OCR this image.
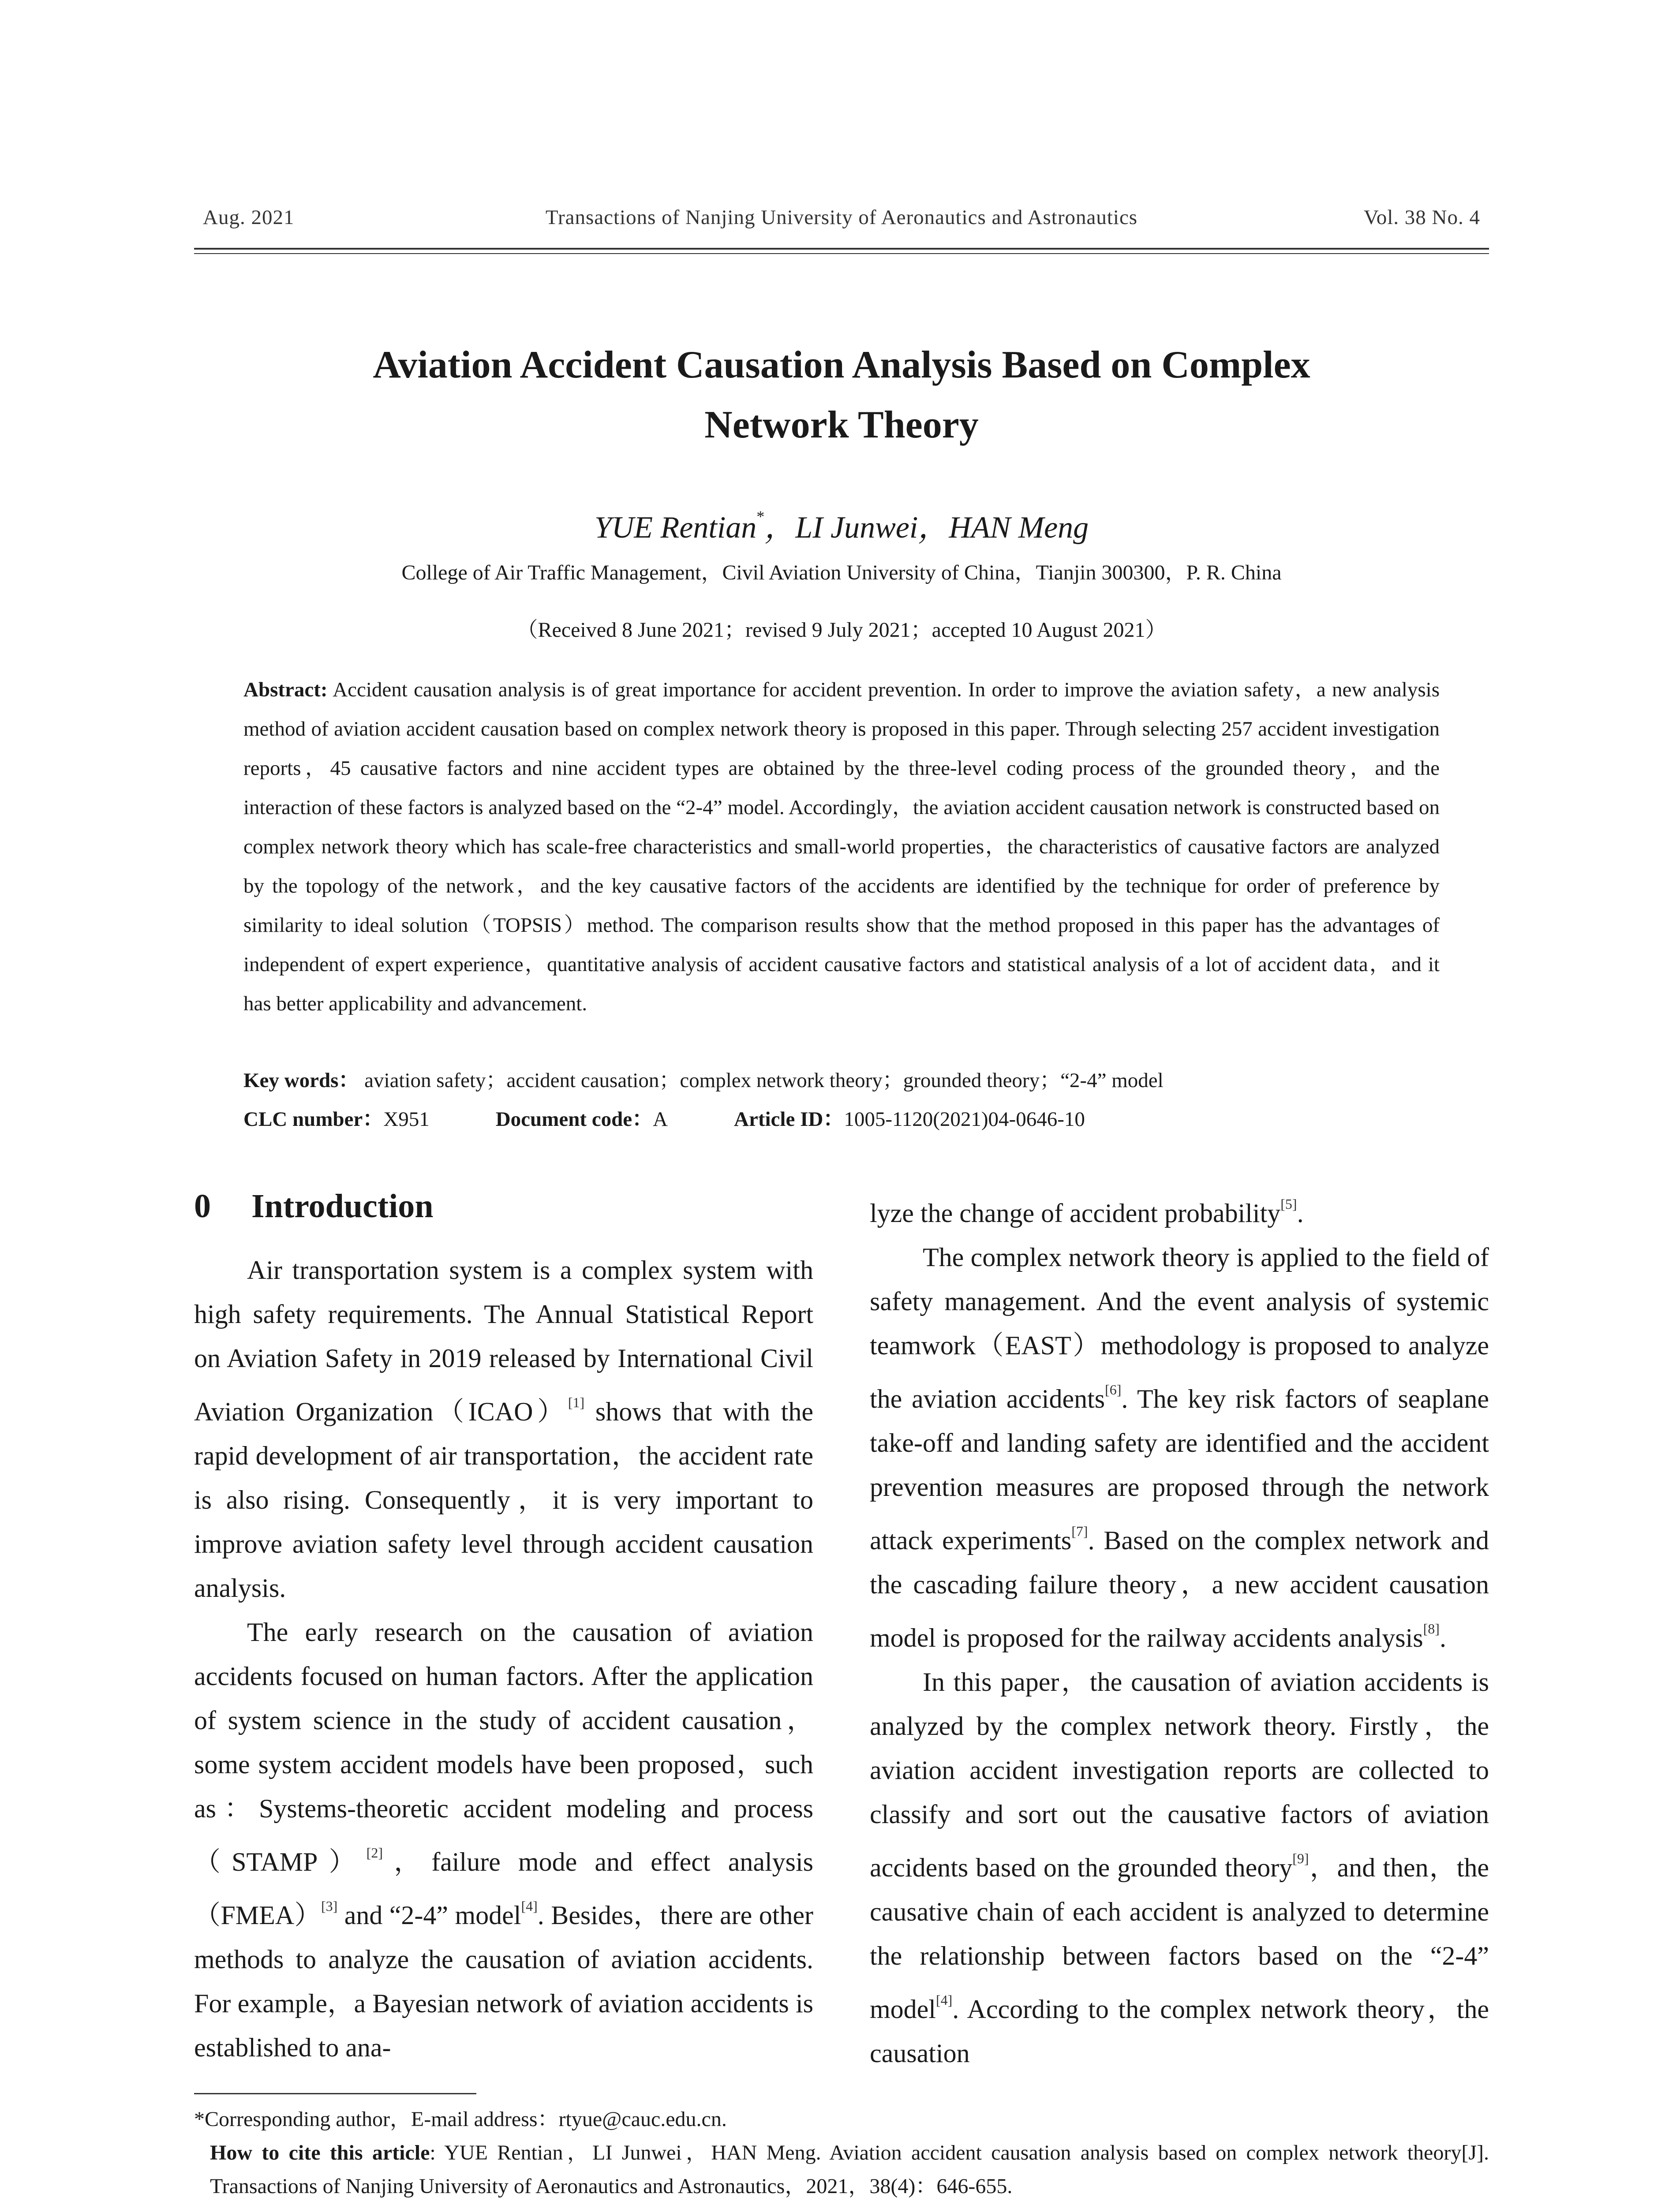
Aug. 2021	Transactions of Nanjing University of Aeronautics and Astronautics	Vol. 38 No. 4
Aviation Accident Causation Analysis Based on Complex
Network Theory
YUE Rentian*，LI Junwei，HAN Meng
College of Air Traffic Management，Civil Aviation University of China，Tianjin 300300，P. R. China
（Received 8 June 2021；revised 9 July 2021；accepted 10 August 2021）
Abstract: Accident causation analysis is of great importance for accident prevention. In order to improve the aviation safety，a new analysis method of aviation accident causation based on complex network theory is proposed in this paper. Through selecting 257 accident investigation reports，45 causative factors and nine accident types are obtained by the three-level coding process of the grounded theory，and the interaction of these factors is analyzed based on the “2-4” model. Accordingly，the aviation accident causation network is constructed based on complex network theory which has scale-free characteristics and small-world properties，the characteristics of causative factors are analyzed by the topology of the network，and the key causative factors of the accidents are identified by the technique for order of preference by similarity to ideal solution（TOPSIS）method. The comparison results show that the method proposed in this paper has the advantages of independent of expert experience，quantitative analysis of accident causative factors and statistical analysis of a lot of accident data，and it has better applicability and advancement.
Key words： aviation safety；accident causation；complex network theory；grounded theory；“2-4” model
CLC number：X951	Document code：A	Article ID：1005-1120(2021)04-0646-10

0 Introduction

Air transportation system is a complex system with high safety requirements. The Annual Statistical Report on Aviation Safety in 2019 released by International Civil Aviation Organization（ICAO）[1] shows that with the rapid development of air transportation，the accident rate is also rising. Consequently，it is very important to improve aviation safety level through accident causation analysis.

The early research on the causation of aviation accidents focused on human factors. After the application of system science in the study of accident causation，some system accident models have been proposed，such as：Systems-theoretic accident modeling and process（STAMP）[2]，failure mode and effect analysis（FMEA）[3] and “2-4” model[4]. Besides，there are other methods to analyze the causation of aviation accidents. For example，a Bayesian network of aviation accidents is established to ana-

lyze the change of accident probability[5].

The complex network theory is applied to the field of safety management. And the event analysis of systemic teamwork（EAST）methodology is proposed to analyze the aviation accidents[6]. The key risk factors of seaplane take-off and landing safety are identified and the accident prevention measures are proposed through the network attack experiments[7]. Based on the complex network and the cascading failure theory，a new accident causation model is proposed for the railway accidents analysis[8].

In this paper，the causation of aviation accidents is analyzed by the complex network theory. Firstly，the aviation accident investigation reports are collected to classify and sort out the causative factors of aviation accidents based on the grounded theory[9]，and then，the causative chain of each accident is analyzed to determine the relationship between factors based on the “2-4” model[4]. According to the complex network theory，the causation

*Corresponding author，E-mail address：rtyue@cauc.edu.cn.

How to cite this article: YUE Rentian，LI Junwei，HAN Meng. Aviation accident causation analysis based on complex network theory[J]. Transactions of Nanjing University of Aeronautics and Astronautics，2021，38(4)：646-655.
